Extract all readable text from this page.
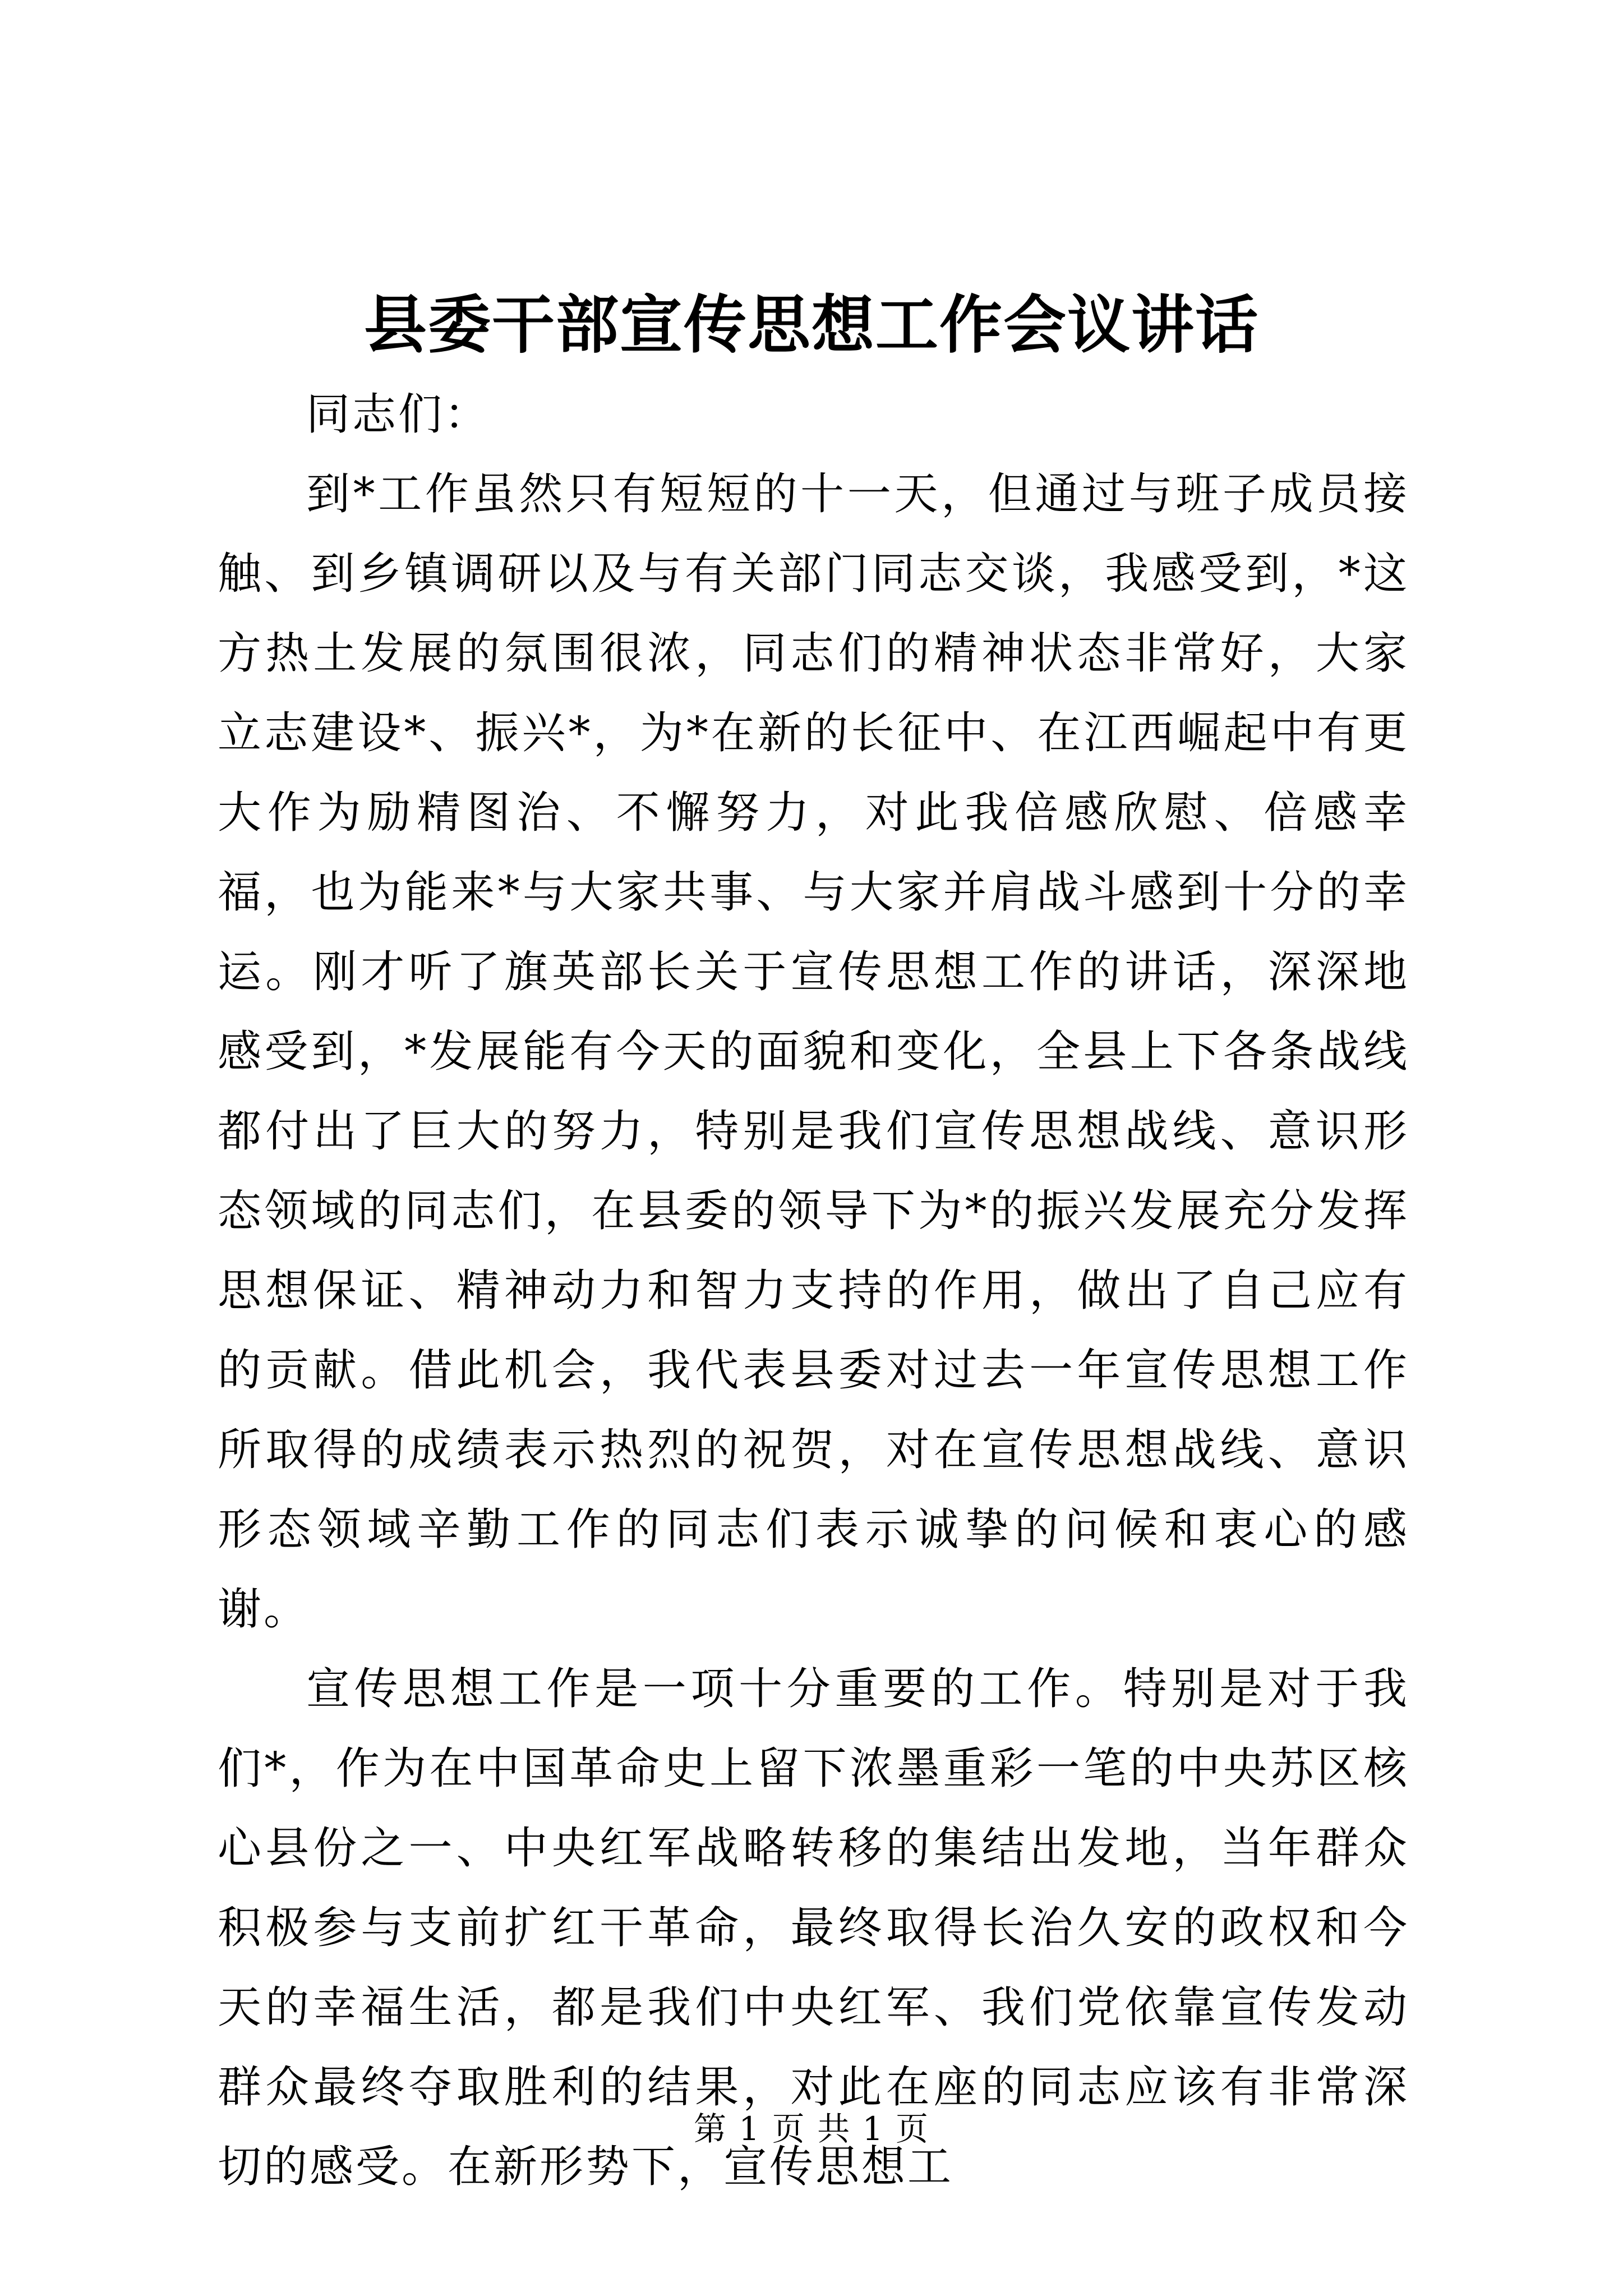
县委干部宣传思想工作会议讲话

同志们：

到*工作虽然只有短短的十一天，但通过与班子成员接触、到乡镇调研以及与有关部门同志交谈，我感受到，*这方热土发展的氛围很浓，同志们的精神状态非常好，大家立志建设*、振兴*，为*在新的长征中、在江西崛起中有更大作为励精图治、不懈努力，对此我倍感欣慰、倍感幸福，也为能来*与大家共事、与大家并肩战斗感到十分的幸运。刚才听了旗英部长关于宣传思想工作的讲话，深深地感受到，*发展能有今天的面貌和变化，全县上下各条战线都付出了巨大的努力，特别是我们宣传思想战线、意识形态领域的同志们，在县委的领导下为*的振兴发展充分发挥思想保证、精神动力和智力支持的作用，做出了自己应有的贡献。借此机会，我代表县委对过去一年宣传思想工作所取得的成绩表示热烈的祝贺，对在宣传思想战线、意识形态领域辛勤工作的同志们表示诚挚的问候和衷心的感谢。

宣传思想工作是一项十分重要的工作。特别是对于我们*，作为在中国革命史上留下浓墨重彩一笔的中央苏区核心县份之一、中央红军战略转移的集结出发地，当年群众积极参与支前扩红干革命，最终取得长治久安的政权和今天的幸福生活，都是我们中央红军、我们党依靠宣传发动群众最终夺取胜利的结果，对此在座的同志应该有非常深切的感受。在新形势下，宣传思想工

第 1 页 共 1 页
